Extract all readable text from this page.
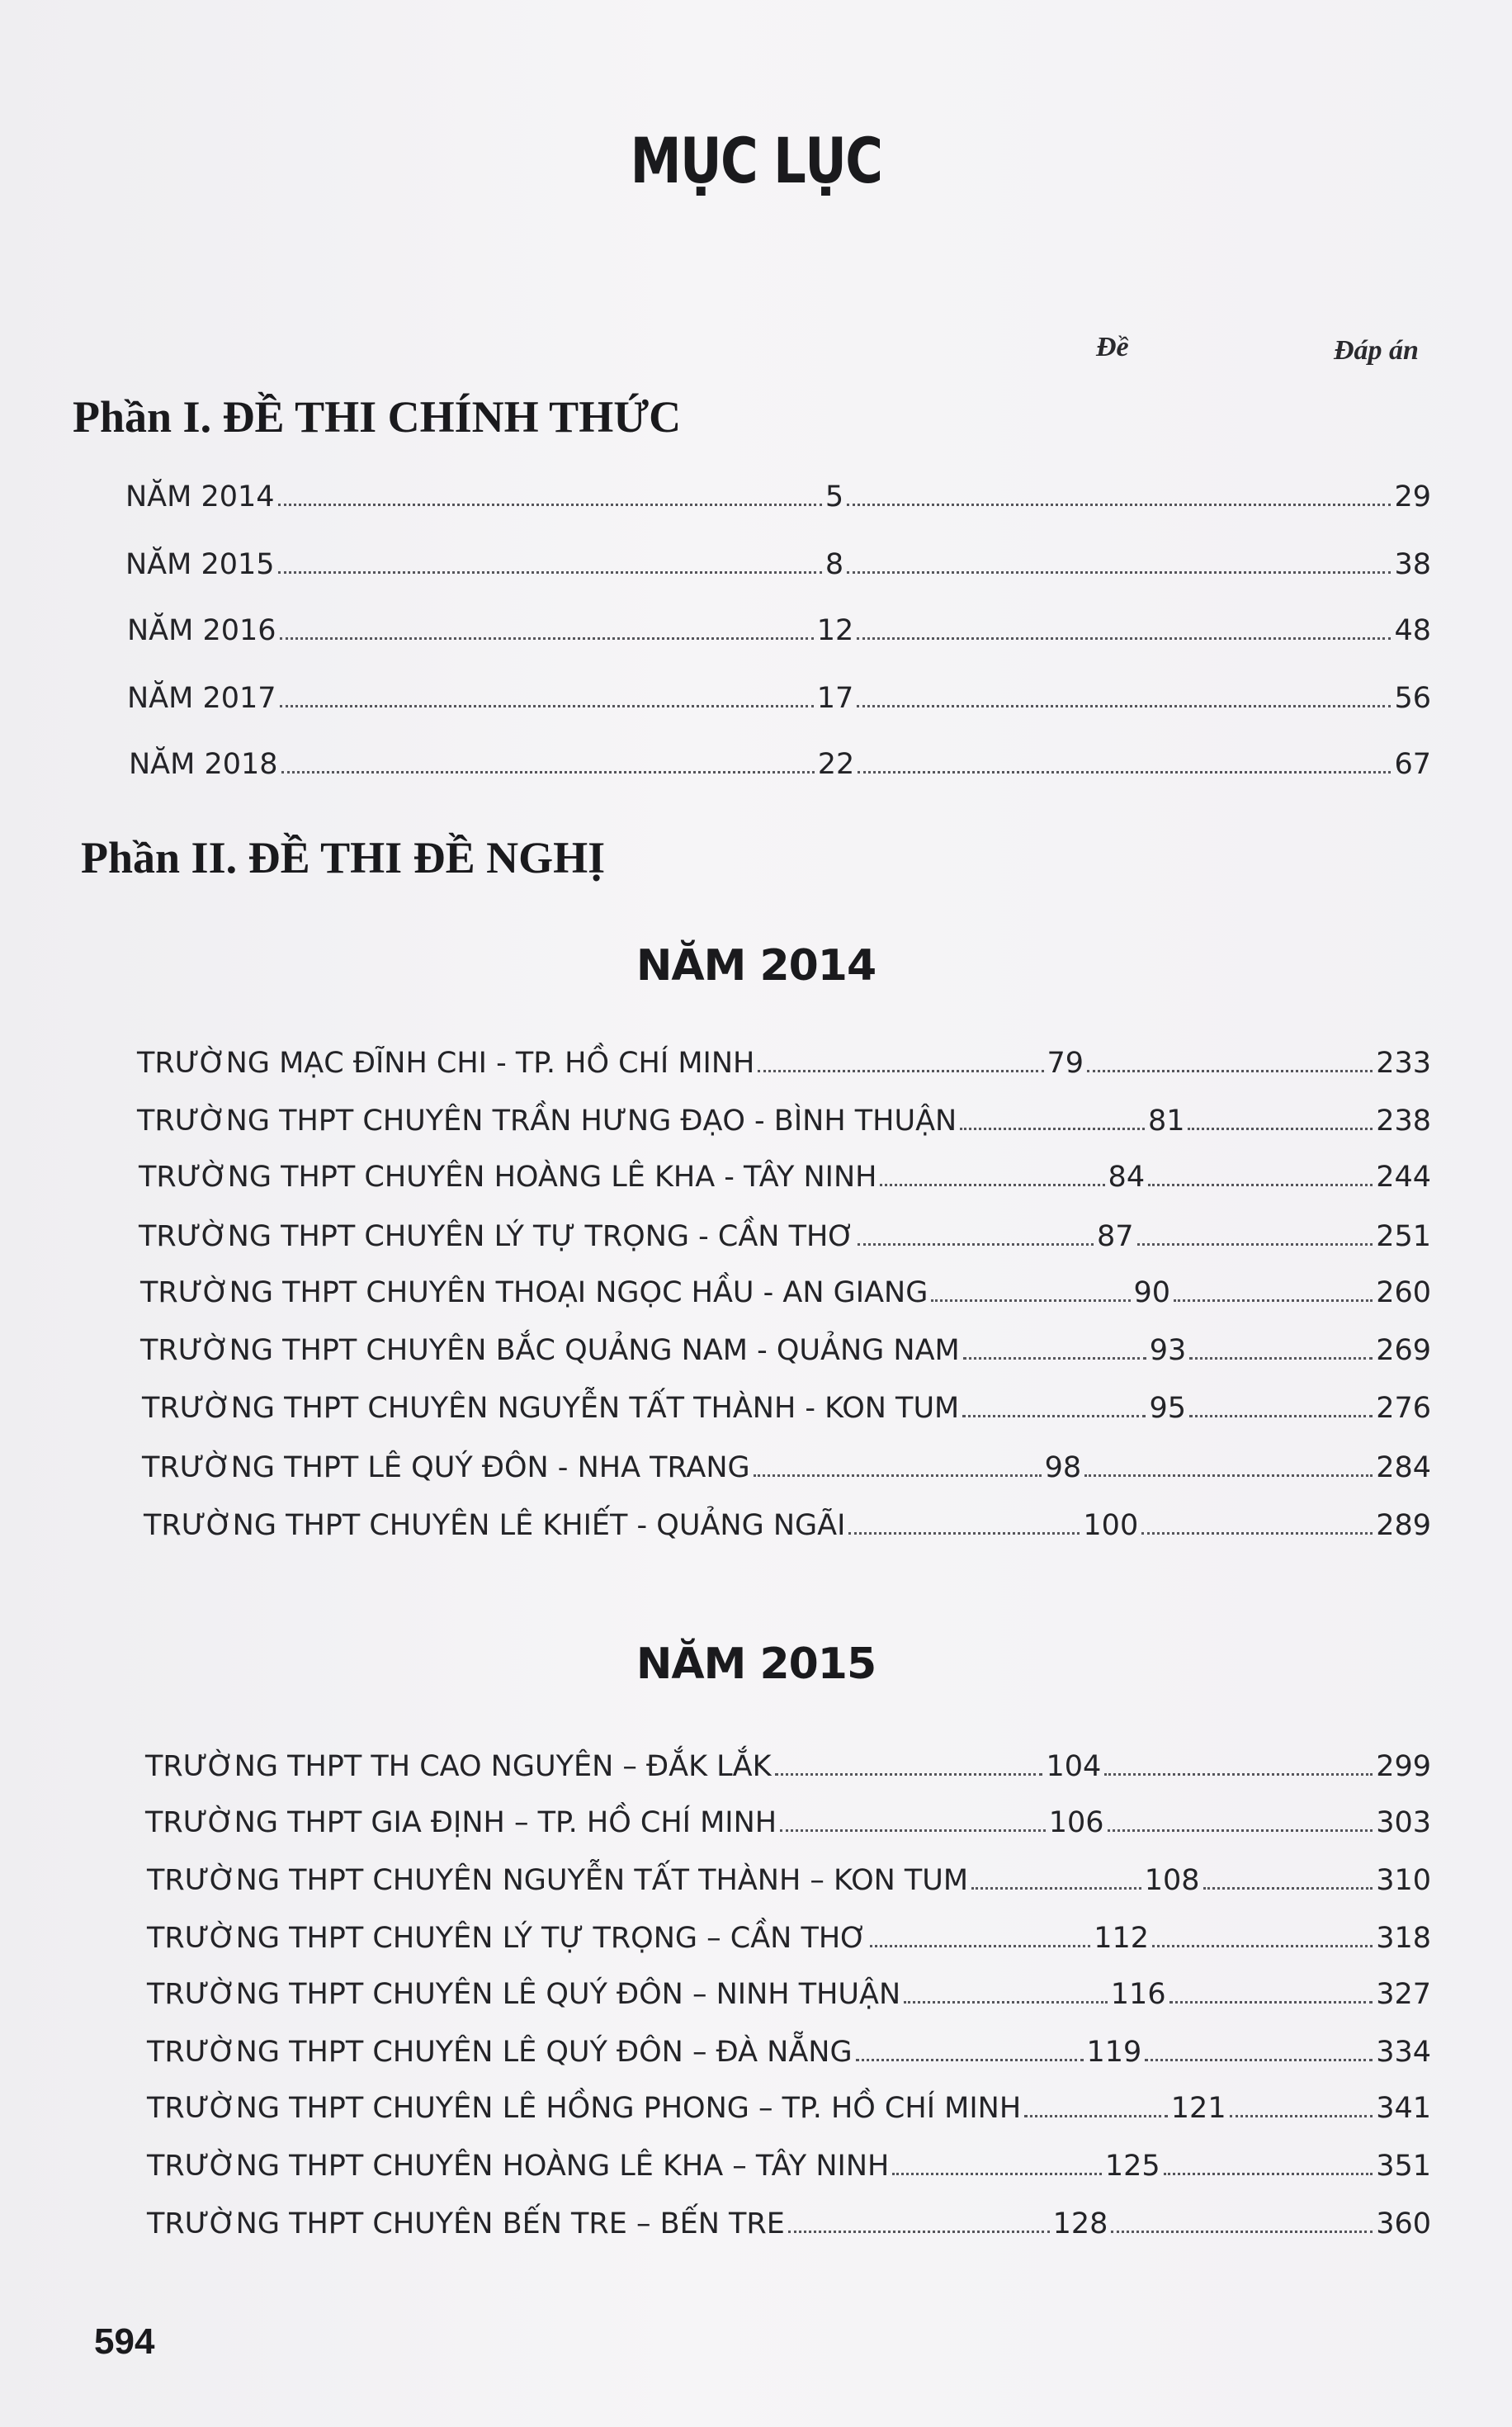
MỤC LỤC
Đề	Đáp án
Phần I. ĐỀ THI CHÍNH THỨC
NĂM 2014	5	29
NĂM 2015	8	38
NĂM 2016	12	48
NĂM 2017	17	56
NĂM 2018	22	67
Phần II. ĐỀ THI ĐỀ NGHỊ
NĂM 2014
TRƯỜNG MẠC ĐĨNH CHI - TP. HỒ CHÍ MINH	79	233
TRƯỜNG THPT CHUYÊN TRẦN HƯNG ĐẠO - BÌNH THUẬN	81	238
TRƯỜNG THPT CHUYÊN HOÀNG LÊ KHA - TÂY NINH	84	244
TRƯỜNG THPT CHUYÊN LÝ TỰ TRỌNG - CẦN THƠ	87	251
TRƯỜNG THPT CHUYÊN THOẠI NGỌC HẦU - AN GIANG	90	260
TRƯỜNG THPT CHUYÊN BẮC QUẢNG NAM - QUẢNG NAM	93	269
TRƯỜNG THPT CHUYÊN NGUYỄN TẤT THÀNH - KON TUM	95	276
TRƯỜNG THPT LÊ QUÝ ĐÔN - NHA TRANG	98	284
TRƯỜNG THPT CHUYÊN LÊ KHIẾT - QUẢNG NGÃI	100	289
NĂM 2015
TRƯỜNG THPT TH CAO NGUYÊN – ĐẮK LẮK	104	299
TRƯỜNG THPT GIA ĐỊNH – TP. HỒ CHÍ MINH	106	303
TRƯỜNG THPT CHUYÊN NGUYỄN TẤT THÀNH – KON TUM	108	310
TRƯỜNG THPT CHUYÊN LÝ TỰ TRỌNG – CẦN THƠ	112	318
TRƯỜNG THPT CHUYÊN LÊ QUÝ ĐÔN – NINH THUẬN	116	327
TRƯỜNG THPT CHUYÊN LÊ QUÝ ĐÔN – ĐÀ NẴNG	119	334
TRƯỜNG THPT CHUYÊN LÊ HỒNG PHONG – TP. HỒ CHÍ MINH	121	341
TRƯỜNG THPT CHUYÊN HOÀNG LÊ KHA – TÂY NINH	125	351
TRƯỜNG THPT CHUYÊN BẾN TRE – BẾN TRE	128	360
594
